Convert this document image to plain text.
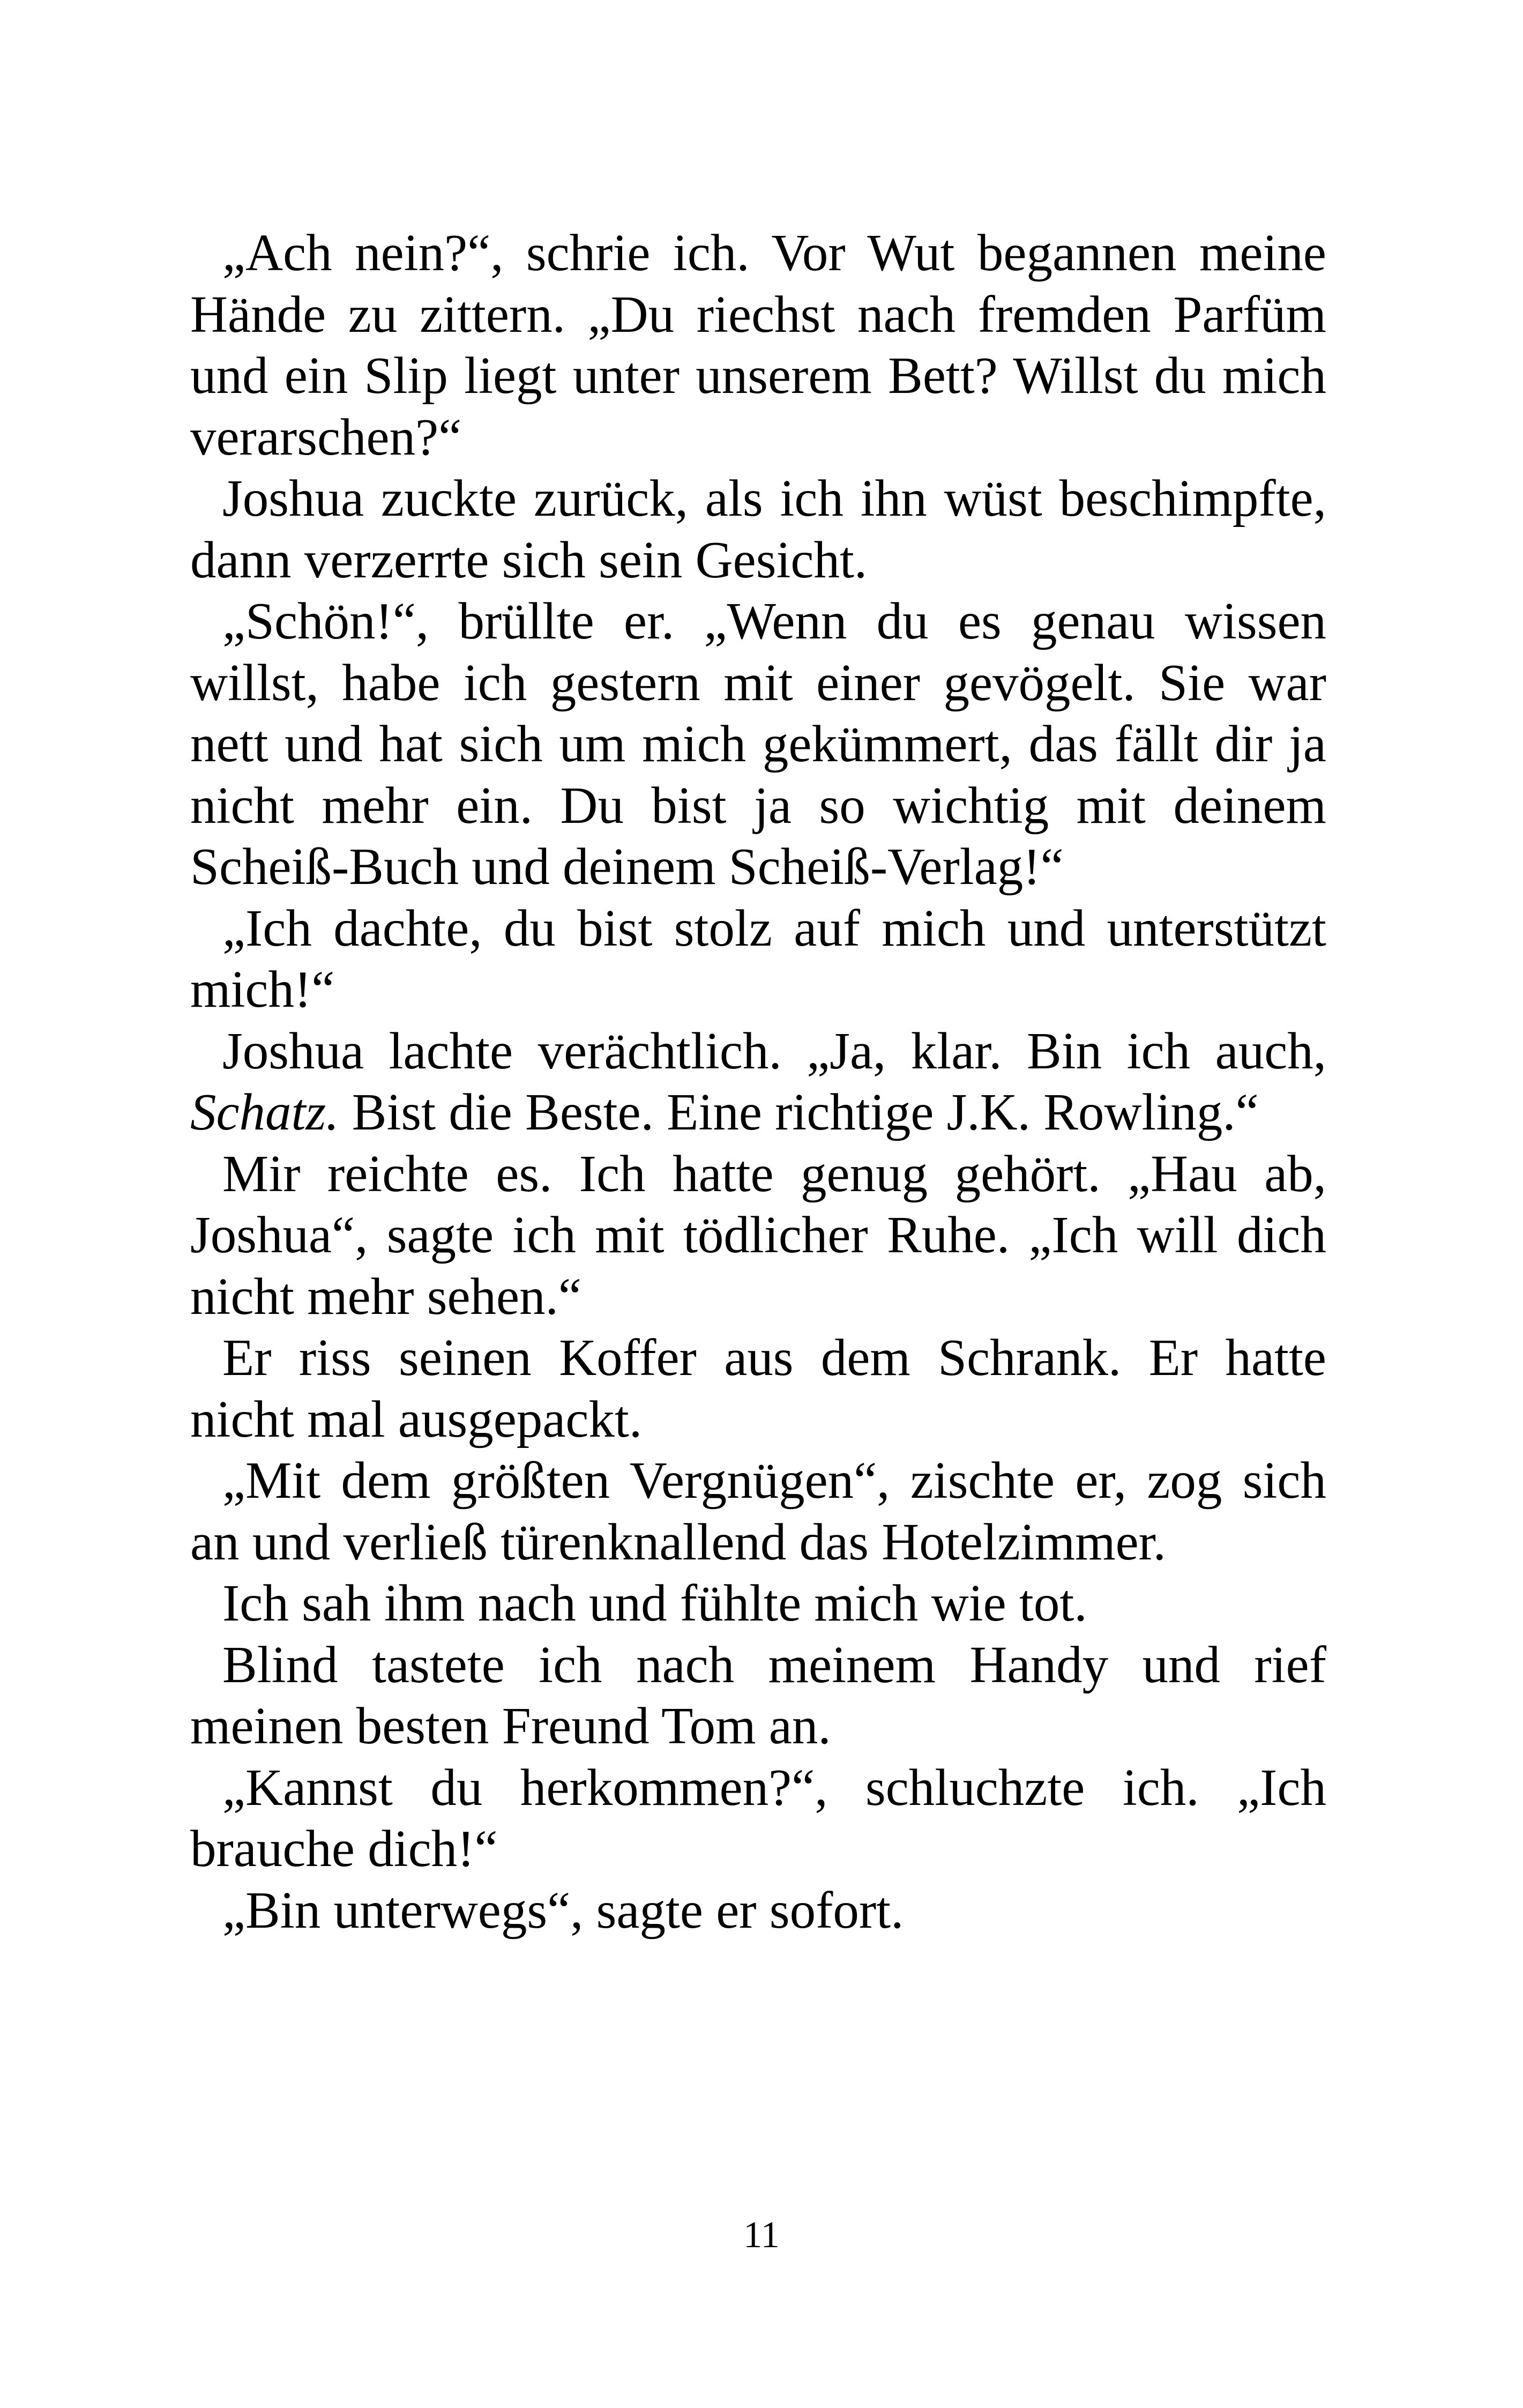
„Ach nein?“, schrie ich. Vor Wut begannen meine Hände zu zittern. „Du riechst nach fremden Parfüm und ein Slip liegt unter unserem Bett? Willst du mich verarschen?“

Joshua zuckte zurück, als ich ihn wüst beschimpfte, dann verzerrte sich sein Gesicht.

„Schön!“, brüllte er. „Wenn du es genau wissen willst, habe ich gestern mit einer gevögelt. Sie war nett und hat sich um mich gekümmert, das fällt dir ja nicht mehr ein. Du bist ja so wichtig mit deinem Scheiß-Buch und deinem Scheiß-Verlag!“

„Ich dachte, du bist stolz auf mich und unterstützt mich!“

Joshua lachte verächtlich. „Ja, klar. Bin ich auch, Schatz. Bist die Beste. Eine richtige J.K. Rowling.“

Mir reichte es. Ich hatte genug gehört. „Hau ab, Joshua“, sagte ich mit tödlicher Ruhe. „Ich will dich nicht mehr sehen.“

Er riss seinen Koffer aus dem Schrank. Er hatte nicht mal ausgepackt.

„Mit dem größten Vergnügen“, zischte er, zog sich an und verließ türenknallend das Hotelzimmer.

Ich sah ihm nach und fühlte mich wie tot.

Blind tastete ich nach meinem Handy und rief meinen besten Freund Tom an.

„Kannst du herkommen?“, schluchzte ich. „Ich brauche dich!“

„Bin unterwegs“, sagte er sofort.

11
